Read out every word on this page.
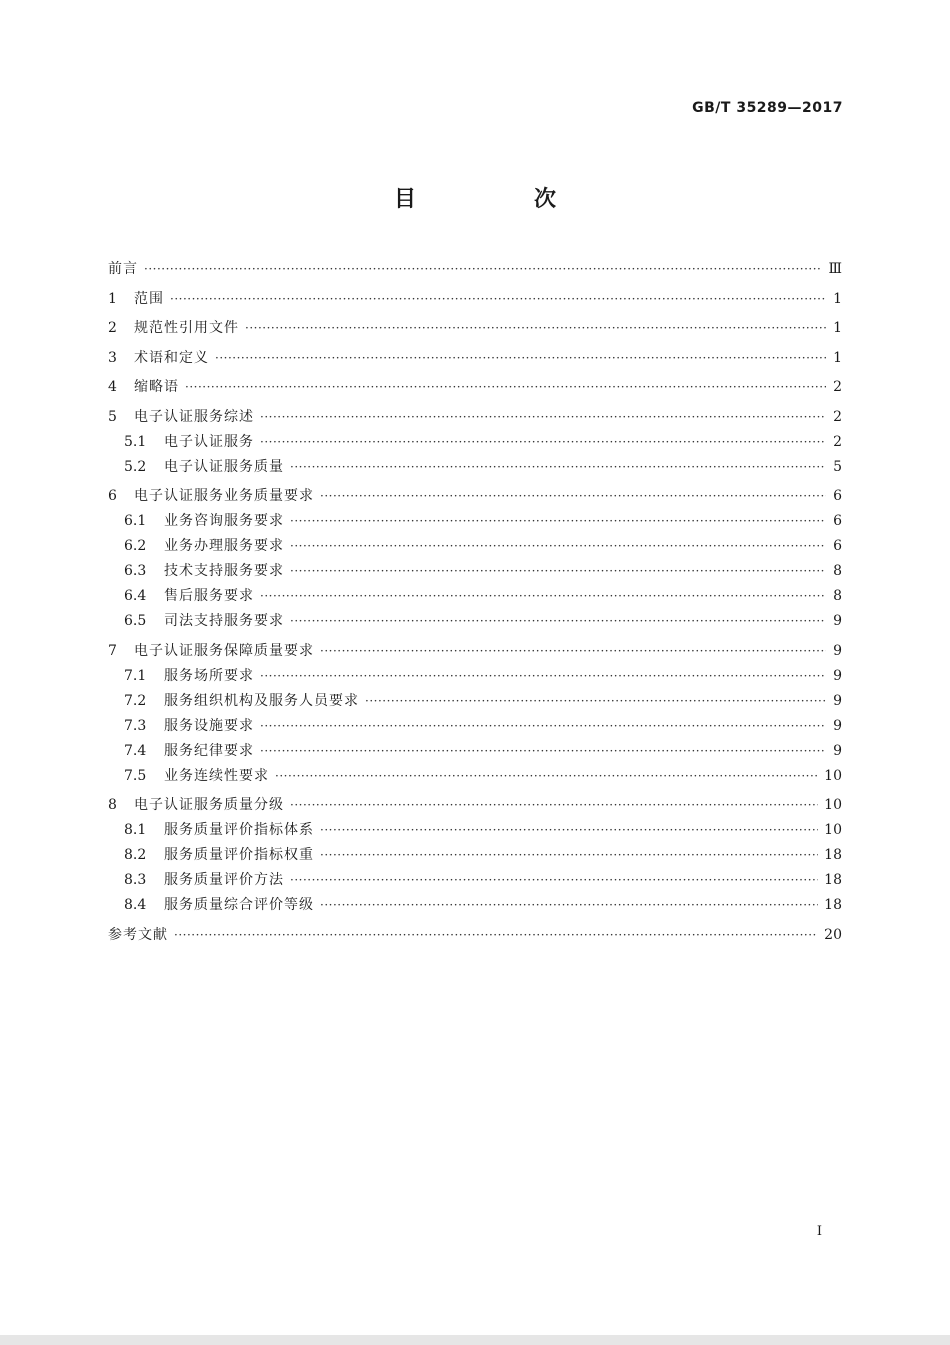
GB/T 35289—2017
目　次
前言 ·····	Ⅲ
1	范围 ·····	1
2	规范性引用文件 ·····	1
3	术语和定义 ·····	1
4	缩略语 ·····	2
5	电子认证服务综述 ·····	2
5.1	电子认证服务 ·····	2
5.2	电子认证服务质量 ·····	5
6	电子认证服务业务质量要求 ·····	6
6.1	业务咨询服务要求 ·····	6
6.2	业务办理服务要求 ·····	6
6.3	技术支持服务要求 ·····	8
6.4	售后服务要求 ·····	8
6.5	司法支持服务要求 ·····	9
7	电子认证服务保障质量要求 ·····	9
7.1	服务场所要求 ·····	9
7.2	服务组织机构及服务人员要求 ·····	9
7.3	服务设施要求 ·····	9
7.4	服务纪律要求 ·····	9
7.5	业务连续性要求 ·····	10
8	电子认证服务质量分级 ·····	10
8.1	服务质量评价指标体系 ·····	10
8.2	服务质量评价指标权重 ·····	18
8.3	服务质量评价方法 ·····	18
8.4	服务质量综合评价等级 ·····	18
参考文献 ·····	20
I
